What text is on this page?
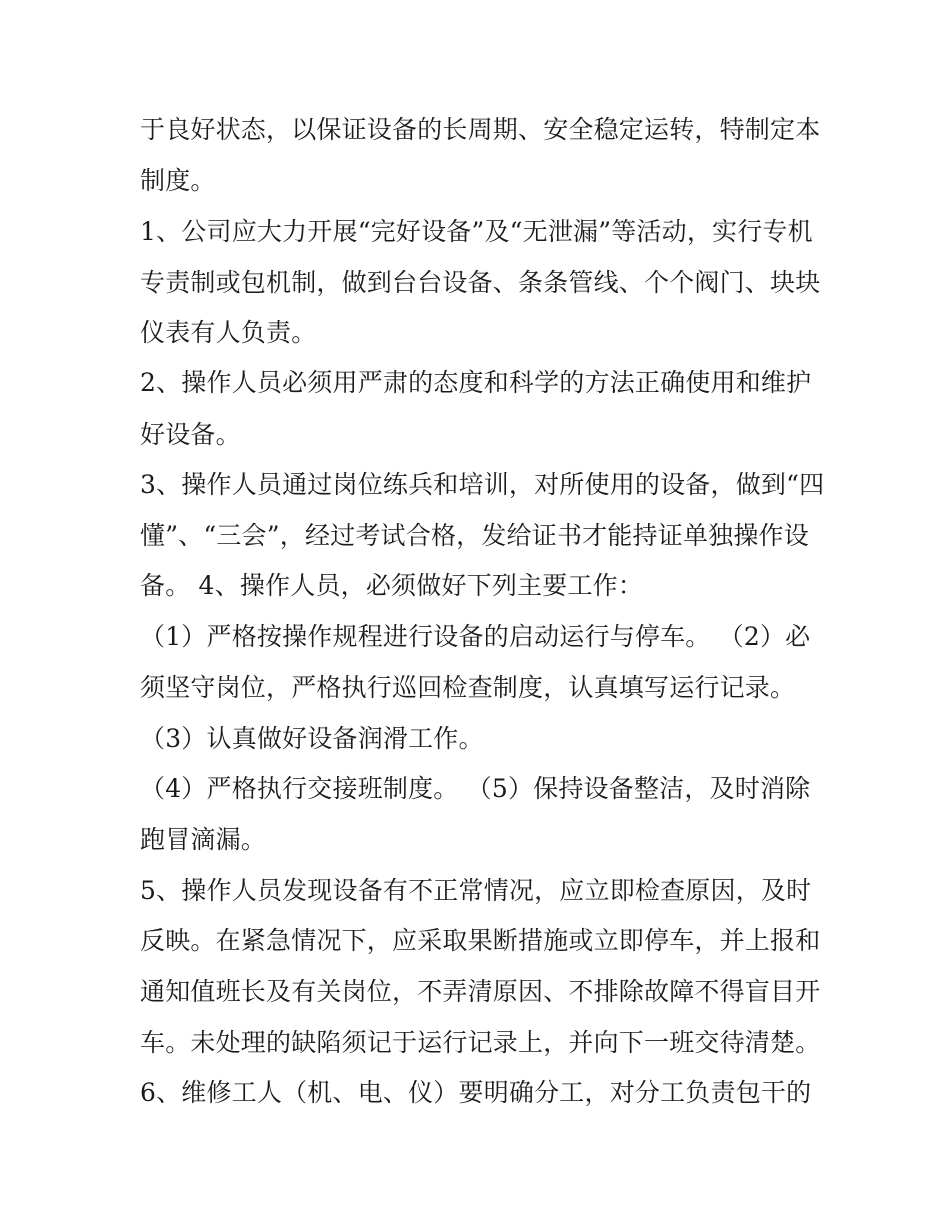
于良好状态，以保证设备的长周期、安全稳定运转，特制定本
制度。
1、公司应大力开展“完好设备”及“无泄漏”等活动，实行专机
专责制或包机制，做到台台设备、条条管线、个个阀门、块块
仪表有人负责。
2、操作人员必须用严肃的态度和科学的方法正确使用和维护
好设备。
3、操作人员通过岗位练兵和培训，对所使用的设备，做到“四
懂”、“三会”，经过考试合格，发给证书才能持证单独操作设
备。 4、操作人员，必须做好下列主要工作：
（1）严格按操作规程进行设备的启动运行与停车。 （2）必
须坚守岗位，严格执行巡回检查制度，认真填写运行记录。
（3）认真做好设备润滑工作。
（4）严格执行交接班制度。 （5）保持设备整洁，及时消除
跑冒滴漏。
5、操作人员发现设备有不正常情况，应立即检查原因，及时
反映。在紧急情况下，应采取果断措施或立即停车，并上报和
通知值班长及有关岗位，不弄清原因、不排除故障不得盲目开
车。未处理的缺陷须记于运行记录上，并向下一班交待清楚。
6、维修工人（机、电、仪）要明确分工，对分工负责包干的
